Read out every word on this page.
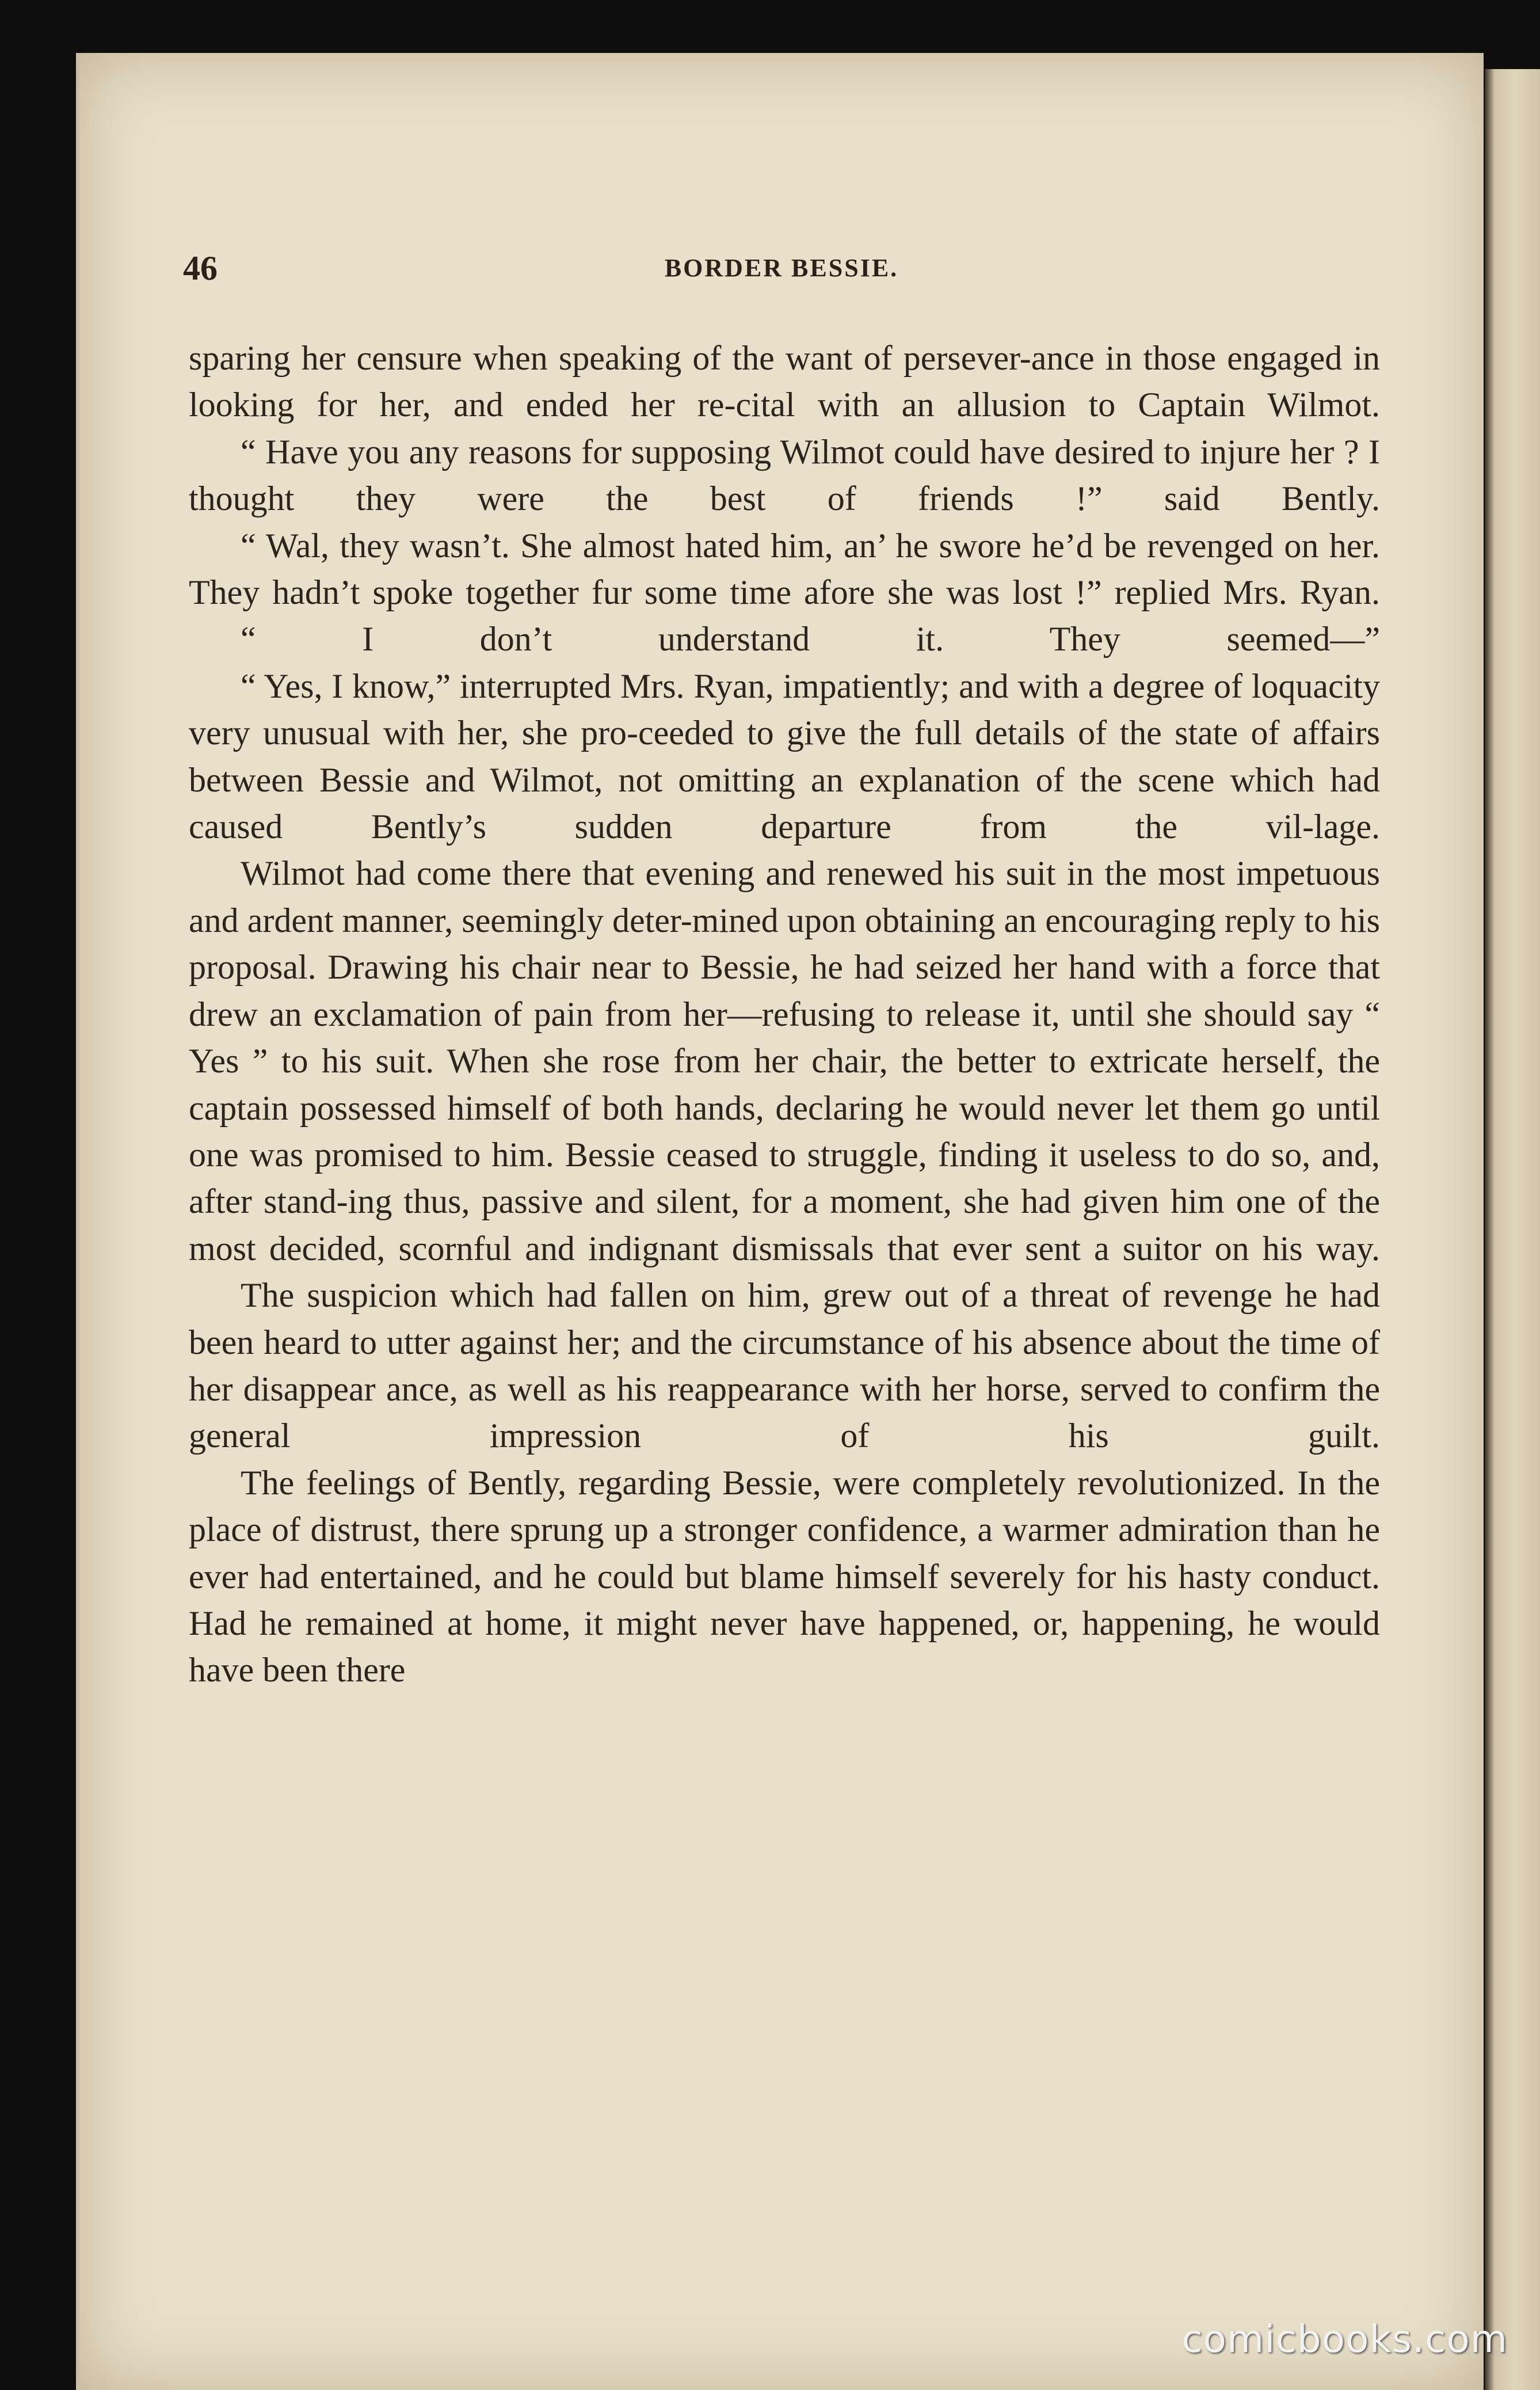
46	BORDER BESSIE.

sparing her censure when speaking of the want of persever-ance in those engaged in looking for her, and ended her re-cital with an allusion to Captain Wilmot.

“ Have you any reasons for supposing Wilmot could have desired to injure her ? I thought they were the best of friends !” said Bently.

“ Wal, they wasn’t. She almost hated him, an’ he swore he’d be revenged on her. They hadn’t spoke together fur some time afore she was lost !” replied Mrs. Ryan.

“ I don’t understand it. They seemed—”

“ Yes, I know,” interrupted Mrs. Ryan, impatiently; and with a degree of loquacity very unusual with her, she pro-ceeded to give the full details of the state of affairs between Bessie and Wilmot, not omitting an explanation of the scene which had caused Bently’s sudden departure from the vil-lage.

Wilmot had come there that evening and renewed his suit in the most impetuous and ardent manner, seemingly deter-mined upon obtaining an encouraging reply to his proposal. Drawing his chair near to Bessie, he had seized her hand with a force that drew an exclamation of pain from her—refusing to release it, until she should say “ Yes ” to his suit. When she rose from her chair, the better to extricate herself, the captain possessed himself of both hands, declaring he would never let them go until one was promised to him. Bessie ceased to struggle, finding it useless to do so, and, after stand-ing thus, passive and silent, for a moment, she had given him one of the most decided, scornful and indignant dismissals that ever sent a suitor on his way.

The suspicion which had fallen on him, grew out of a threat of revenge he had been heard to utter against her; and the circumstance of his absence about the time of her disappear ance, as well as his reappearance with her horse, served to confirm the general impression of his guilt.

The feelings of Bently, regarding Bessie, were completely revolutionized. In the place of distrust, there sprung up a stronger confidence, a warmer admiration than he ever had entertained, and he could but blame himself severely for his hasty conduct. Had he remained at home, it might never have happened, or, happening, he would have been there

comicbooks.com
